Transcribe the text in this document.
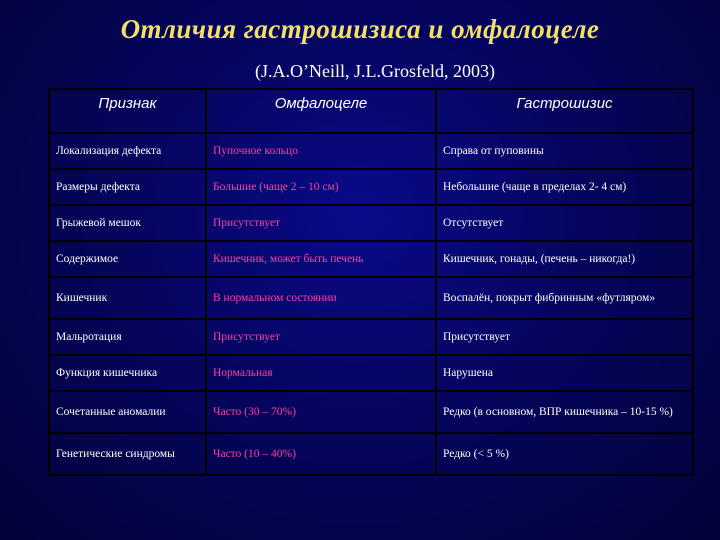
Отличия гастрошизиса и омфалоцеле
(J.A.O’Neill, J.L.Grosfeld, 2003)
Признак	Омфалоцеле	Гастрошизис
Локализация дефекта	Пупочное кольцо	Справа от пуповины
Размеры дефекта	Большие (чаще 2 – 10 см)	Небольшие (чаще в пределах 2- 4 см)
Грыжевой мешок	Присутствует	Отсутствует
Содержимое	Кишечник, может быть печень	Кишечник, гонады, (печень – никогда!)
Кишечник	В нормальном состоянии	Воспалён, покрыт фибринным «футляром»
Мальротация	Присутствует	Присутствует
Функция кишечника	Нормальная	Нарушена
Сочетанные аномалии	Часто (30 – 70%)	Редко (в основном, ВПР кишечника – 10-15 %)
Генетические синдромы	Часто (10 – 40%)	Редко (< 5 %)
